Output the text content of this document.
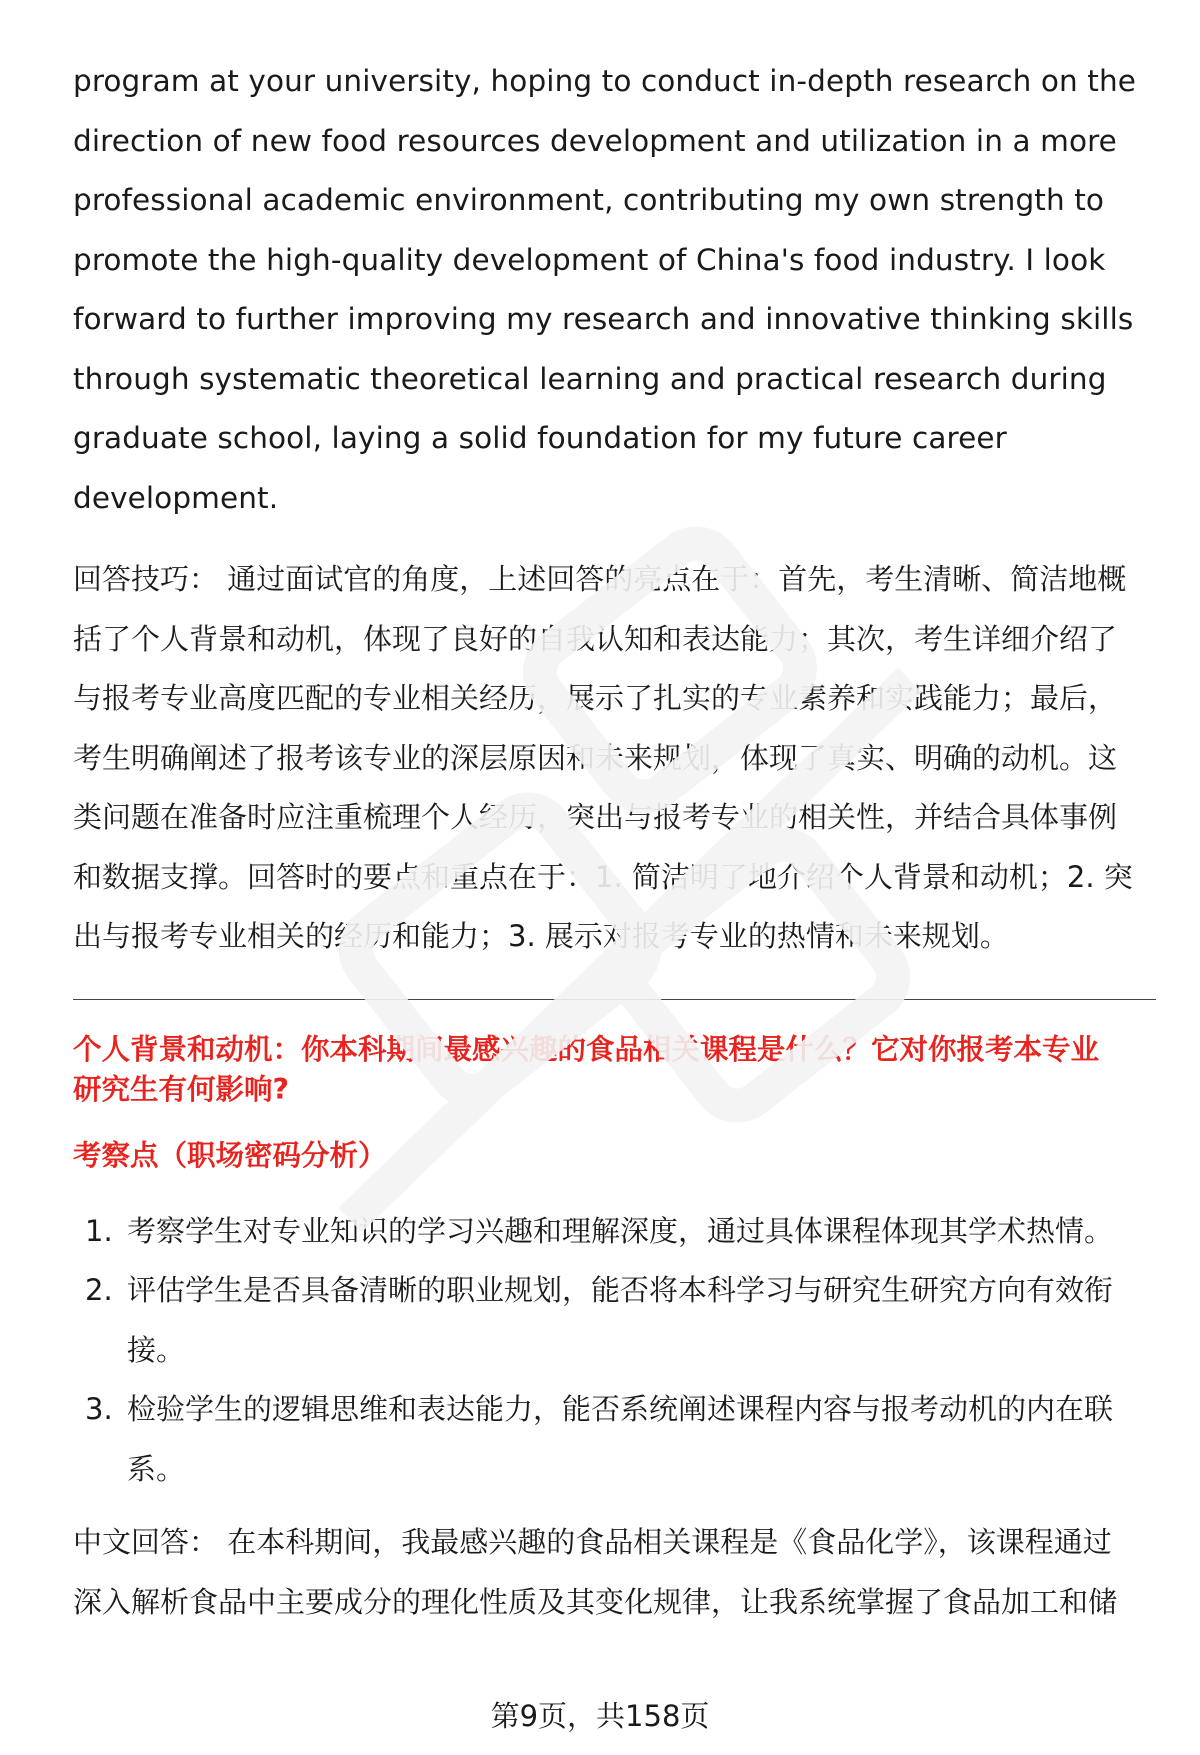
program at your university, hoping to conduct in-depth research on the

direction of new food resources development and utilization in a more

professional academic environment, contributing my own strength to

promote the high-quality development of China's food industry. I look

forward to further improving my research and innovative thinking skills

through systematic theoretical learning and practical research during

graduate school, laying a solid foundation for my future career

development.

回答技巧： 通过面试官的角度，上述回答的亮点在于：首先，考生清晰、简洁地概

括了个人背景和动机，体现了良好的自我认知和表达能力；其次，考生详细介绍了

与报考专业高度匹配的专业相关经历，展示了扎实的专业素养和实践能力；最后，

考生明确阐述了报考该专业的深层原因和未来规划，体现了真实、明确的动机。这

类问题在准备时应注重梳理个人经历，突出与报考专业的相关性，并结合具体事例

和数据支撑。回答时的要点和重点在于：1. 简洁明了地介绍个人背景和动机；2. 突

出与报考专业相关的经历和能力；3. 展示对报考专业的热情和未来规划。

个人背景和动机：你本科期间最感兴趣的食品相关课程是什么？它对你报考本专业
研究生有何影响?
考察点（职场密码分析）
1. 考察学生对专业知识的学习兴趣和理解深度，通过具体课程体现其学术热情。
2. 评估学生是否具备清晰的职业规划，能否将本科学习与研究生研究方向有效衔
接。
3. 检验学生的逻辑思维和表达能力，能否系统阐述课程内容与报考动机的内在联
系。

中文回答： 在本科期间，我最感兴趣的食品相关课程是《食品化学》，该课程通过

深入解析食品中主要成分的理化性质及其变化规律，让我系统掌握了食品加工和储

第9页，共158页
